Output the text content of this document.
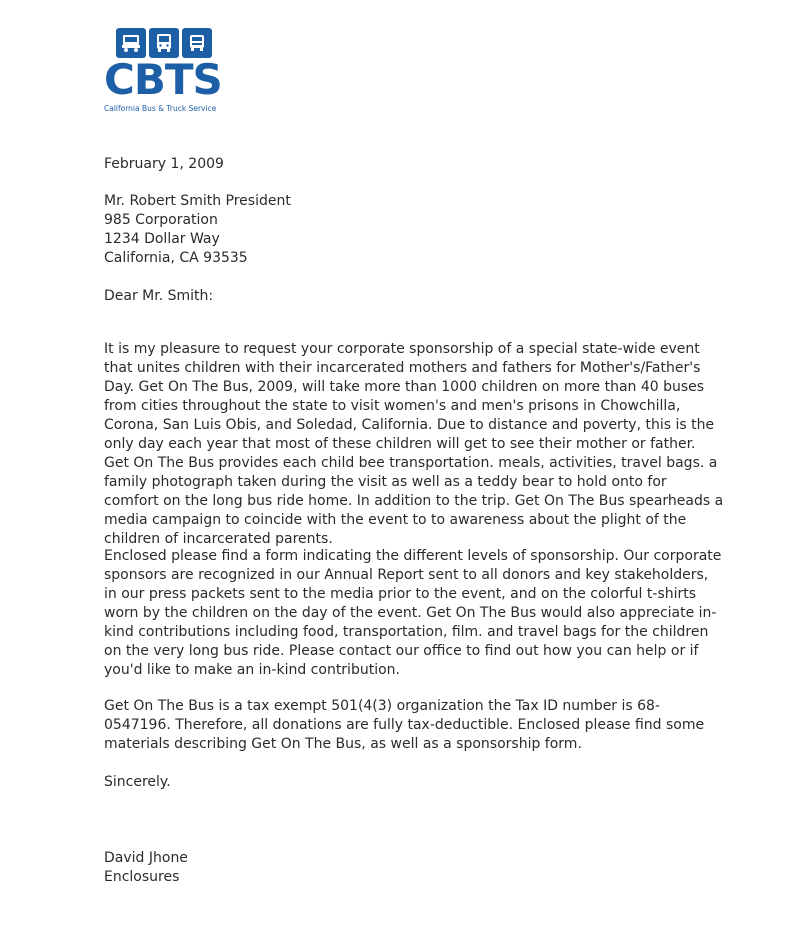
CBTS
California Bus & Truck Service
February 1, 2009
Mr. Robert Smith President
985 Corporation
1234 Dollar Way
California, CA 93535
Dear Mr. Smith:
It is my pleasure to request your corporate sponsorship of a special state-wide event that unites children with their incarcerated mothers and fathers for Mother's/Father's Day. Get On The Bus, 2009, will take more than 1000 children on more than 40 buses from cities throughout the state to visit women's and men's prisons in Chowchilla, Corona, San Luis Obis, and Soledad, California. Due to distance and poverty, this is the only day each year that most of these children will get to see their mother or father. Get On The Bus provides each child bee transportation. meals, activities, travel bags. a family photograph taken during the visit as well as a teddy bear to hold onto for comfort on the long bus ride home. In addition to the trip. Get On The Bus spearheads a media campaign to coincide with the event to to awareness about the plight of the children of incarcerated parents.
Enclosed please find a form indicating the different levels of sponsorship. Our corporate sponsors are recognized in our Annual Report sent to all donors and key stakeholders, in our press packets sent to the media prior to the event, and on the colorful t-shirts worn by the children on the day of the event. Get On The Bus would also appreciate in-kind contributions including food, transportation, film. and travel bags for the children on the very long bus ride. Please contact our office to find out how you can help or if you'd like to make an in-kind contribution.
Get On The Bus is a tax exempt 501(4(3) organization the Tax ID number is 68-0547196. Therefore, all donations are fully tax-deductible. Enclosed please find some materials describing Get On The Bus, as well as a sponsorship form.
Sincerely.
David Jhone
Enclosures
